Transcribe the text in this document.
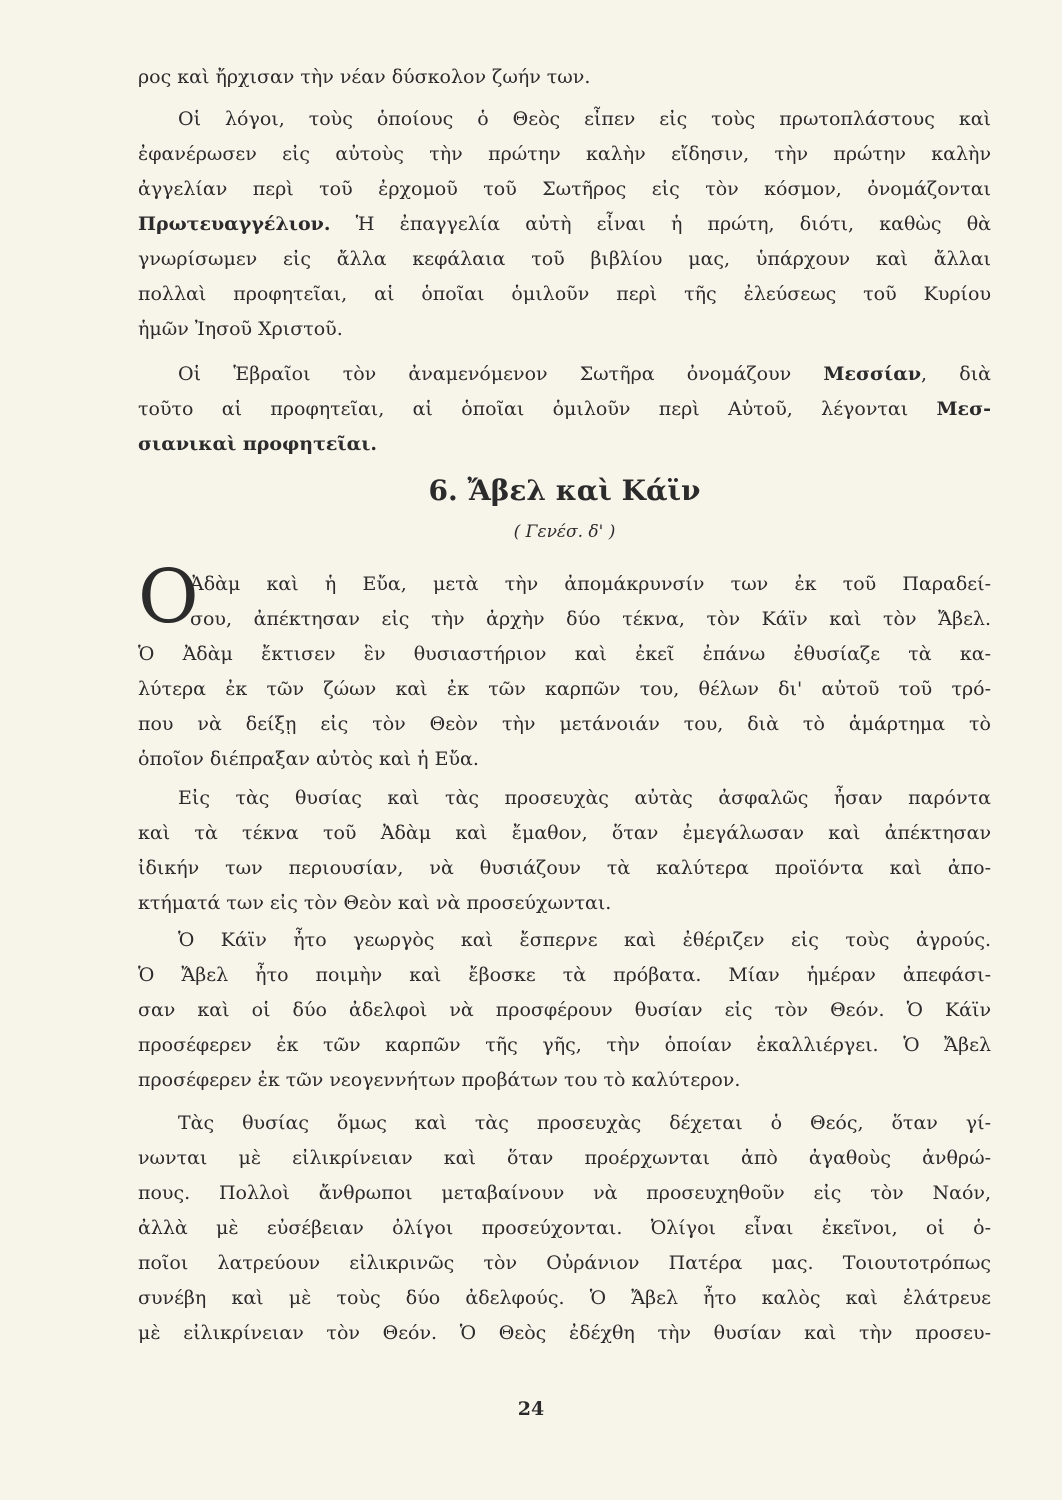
ρος καὶ ἤρχισαν τὴν νέαν δύσκολον ζωήν των.
Οἱ λόγοι, τοὺς ὁποίους ὁ Θεὸς εἶπεν εἰς τοὺς πρωτοπλάστους καὶ
ἐφανέρωσεν εἰς αὐτοὺς τὴν πρώτην καλὴν εἴδησιν, τὴν πρώτην καλὴν
ἀγγελίαν περὶ τοῦ ἐρχομοῦ τοῦ Σωτῆρος εἰς τὸν κόσμον, ὀνομάζονται
Πρωτευαγγέλιον. Ἡ ἐπαγγελία αὐτὴ εἶναι ἡ πρώτη, διότι, καθὼς θὰ
γνωρίσωμεν εἰς ἄλλα κεφάλαια τοῦ βιβλίου μας, ὑπάρχουν καὶ ἄλλαι
πολλαὶ προφητεῖαι, αἱ ὁποῖαι ὁμιλοῦν περὶ τῆς ἐλεύσεως τοῦ Κυρίου
ἡμῶν Ἰησοῦ Χριστοῦ.
Οἱ Ἑβραῖοι τὸν ἀναμενόμενον Σωτῆρα ὀνομάζουν Μεσσίαν, διὰ
τοῦτο αἱ προφητεῖαι, αἱ ὁποῖαι ὁμιλοῦν περὶ Αὐτοῦ, λέγονται Μεσ-
σιανικαὶ προφητεῖαι.
6. Ἄβελ καὶ Κάϊν
( Γενέσ. δ' )
Ο
Ἀδὰμ καὶ ἡ Εὔα, μετὰ τὴν ἀπομάκρυνσίν των ἐκ τοῦ Παραδεί-
σου, ἀπέκτησαν εἰς τὴν ἀρχὴν δύο τέκνα, τὸν Κάϊν καὶ τὸν Ἄβελ.
Ὁ Ἀδὰμ ἔκτισεν ἓν θυσιαστήριον καὶ ἐκεῖ ἐπάνω ἐθυσίαζε τὰ κα-
λύτερα ἐκ τῶν ζώων καὶ ἐκ τῶν καρπῶν του, θέλων δι' αὐτοῦ τοῦ τρό-
που νὰ δείξῃ εἰς τὸν Θεὸν τὴν μετάνοιάν του, διὰ τὸ ἁμάρτημα τὸ
ὁποῖον διέπραξαν αὐτὸς καὶ ἡ Εὔα.
Εἰς τὰς θυσίας καὶ τὰς προσευχὰς αὐτὰς ἀσφαλῶς ἦσαν παρόντα
καὶ τὰ τέκνα τοῦ Ἀδὰμ καὶ ἔμαθον, ὅταν ἐμεγάλωσαν καὶ ἀπέκτησαν
ἰδικήν των περιουσίαν, νὰ θυσιάζουν τὰ καλύτερα προϊόντα καὶ ἀπο-
κτήματά των εἰς τὸν Θεὸν καὶ νὰ προσεύχωνται.
Ὁ Κάϊν ἦτο γεωργὸς καὶ ἔσπερνε καὶ ἐθέριζεν εἰς τοὺς ἀγρούς.
Ὁ Ἄβελ ἦτο ποιμὴν καὶ ἔβοσκε τὰ πρόβατα. Μίαν ἡμέραν ἀπεφάσι-
σαν καὶ οἱ δύο ἀδελφοὶ νὰ προσφέρουν θυσίαν εἰς τὸν Θεόν. Ὁ Κάϊν
προσέφερεν ἐκ τῶν καρπῶν τῆς γῆς, τὴν ὁποίαν ἐκαλλιέργει. Ὁ Ἄβελ
προσέφερεν ἐκ τῶν νεογεννήτων προβάτων του τὸ καλύτερον.
Τὰς θυσίας ὅμως καὶ τὰς προσευχὰς δέχεται ὁ Θεός, ὅταν γί-
νωνται μὲ εἰλικρίνειαν καὶ ὅταν προέρχωνται ἀπὸ ἀγαθοὺς ἀνθρώ-
πους. Πολλοὶ ἄνθρωποι μεταβαίνουν νὰ προσευχηθοῦν εἰς τὸν Ναόν,
ἀλλὰ μὲ εὐσέβειαν ὀλίγοι προσεύχονται. Ὀλίγοι εἶναι ἐκεῖνοι, οἱ ὁ-
ποῖοι λατρεύουν εἰλικρινῶς τὸν Οὐράνιον Πατέρα μας. Τοιουτοτρόπως
συνέβη καὶ μὲ τοὺς δύο ἀδελφούς. Ὁ Ἄβελ ἦτο καλὸς καὶ ἐλάτρευε
μὲ εἰλικρίνειαν τὸν Θεόν. Ὁ Θεὸς ἐδέχθη τὴν θυσίαν καὶ τὴν προσευ-
24
